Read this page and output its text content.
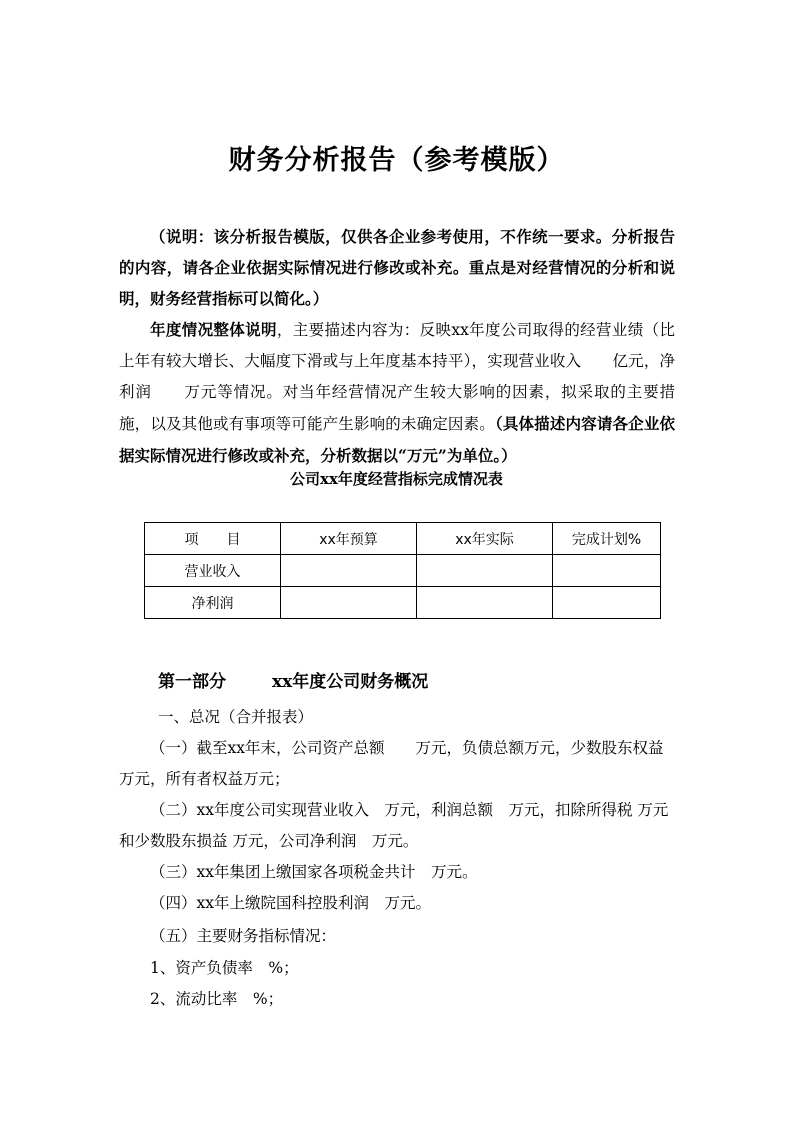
财务分析报告（参考模版）
（说明：该分析报告模版，仅供各企业参考使用，不作统一要求。分析报告的内容，请各企业依据实际情况进行修改或补充。重点是对经营情况的分析和说明，财务经营指标可以简化。）
年度情况整体说明，主要描述内容为：反映xx年度公司取得的经营业绩（比上年有较大增长、大幅度下滑或与上年度基本持平），实现营业收入　　亿元，净利润　　万元等情况。对当年经营情况产生较大影响的因素，拟采取的主要措施，以及其他或有事项等可能产生影响的未确定因素。（具体描述内容请各企业依据实际情况进行修改或补充，分析数据以“万元”为单位。）
公司xx年度经营指标完成情况表
项　　目	xx年预算	xx年实际	完成计划%
营业收入			
净利润			
第一部分	xx年度公司财务概况
一、总况（合并报表）
（一）截至xx年末，公司资产总额　　万元，负债总额万元，少数股东权益　　万元，所有者权益万元；
（二）xx年度公司实现营业收入　万元，利润总额　万元，扣除所得税 万元和少数股东损益 万元，公司净利润　万元。
（三）xx年集团上缴国家各项税金共计　万元。
（四）xx年上缴院国科控股利润　万元。
（五）主要财务指标情况：
1、资产负债率　%；
2、流动比率　%；
